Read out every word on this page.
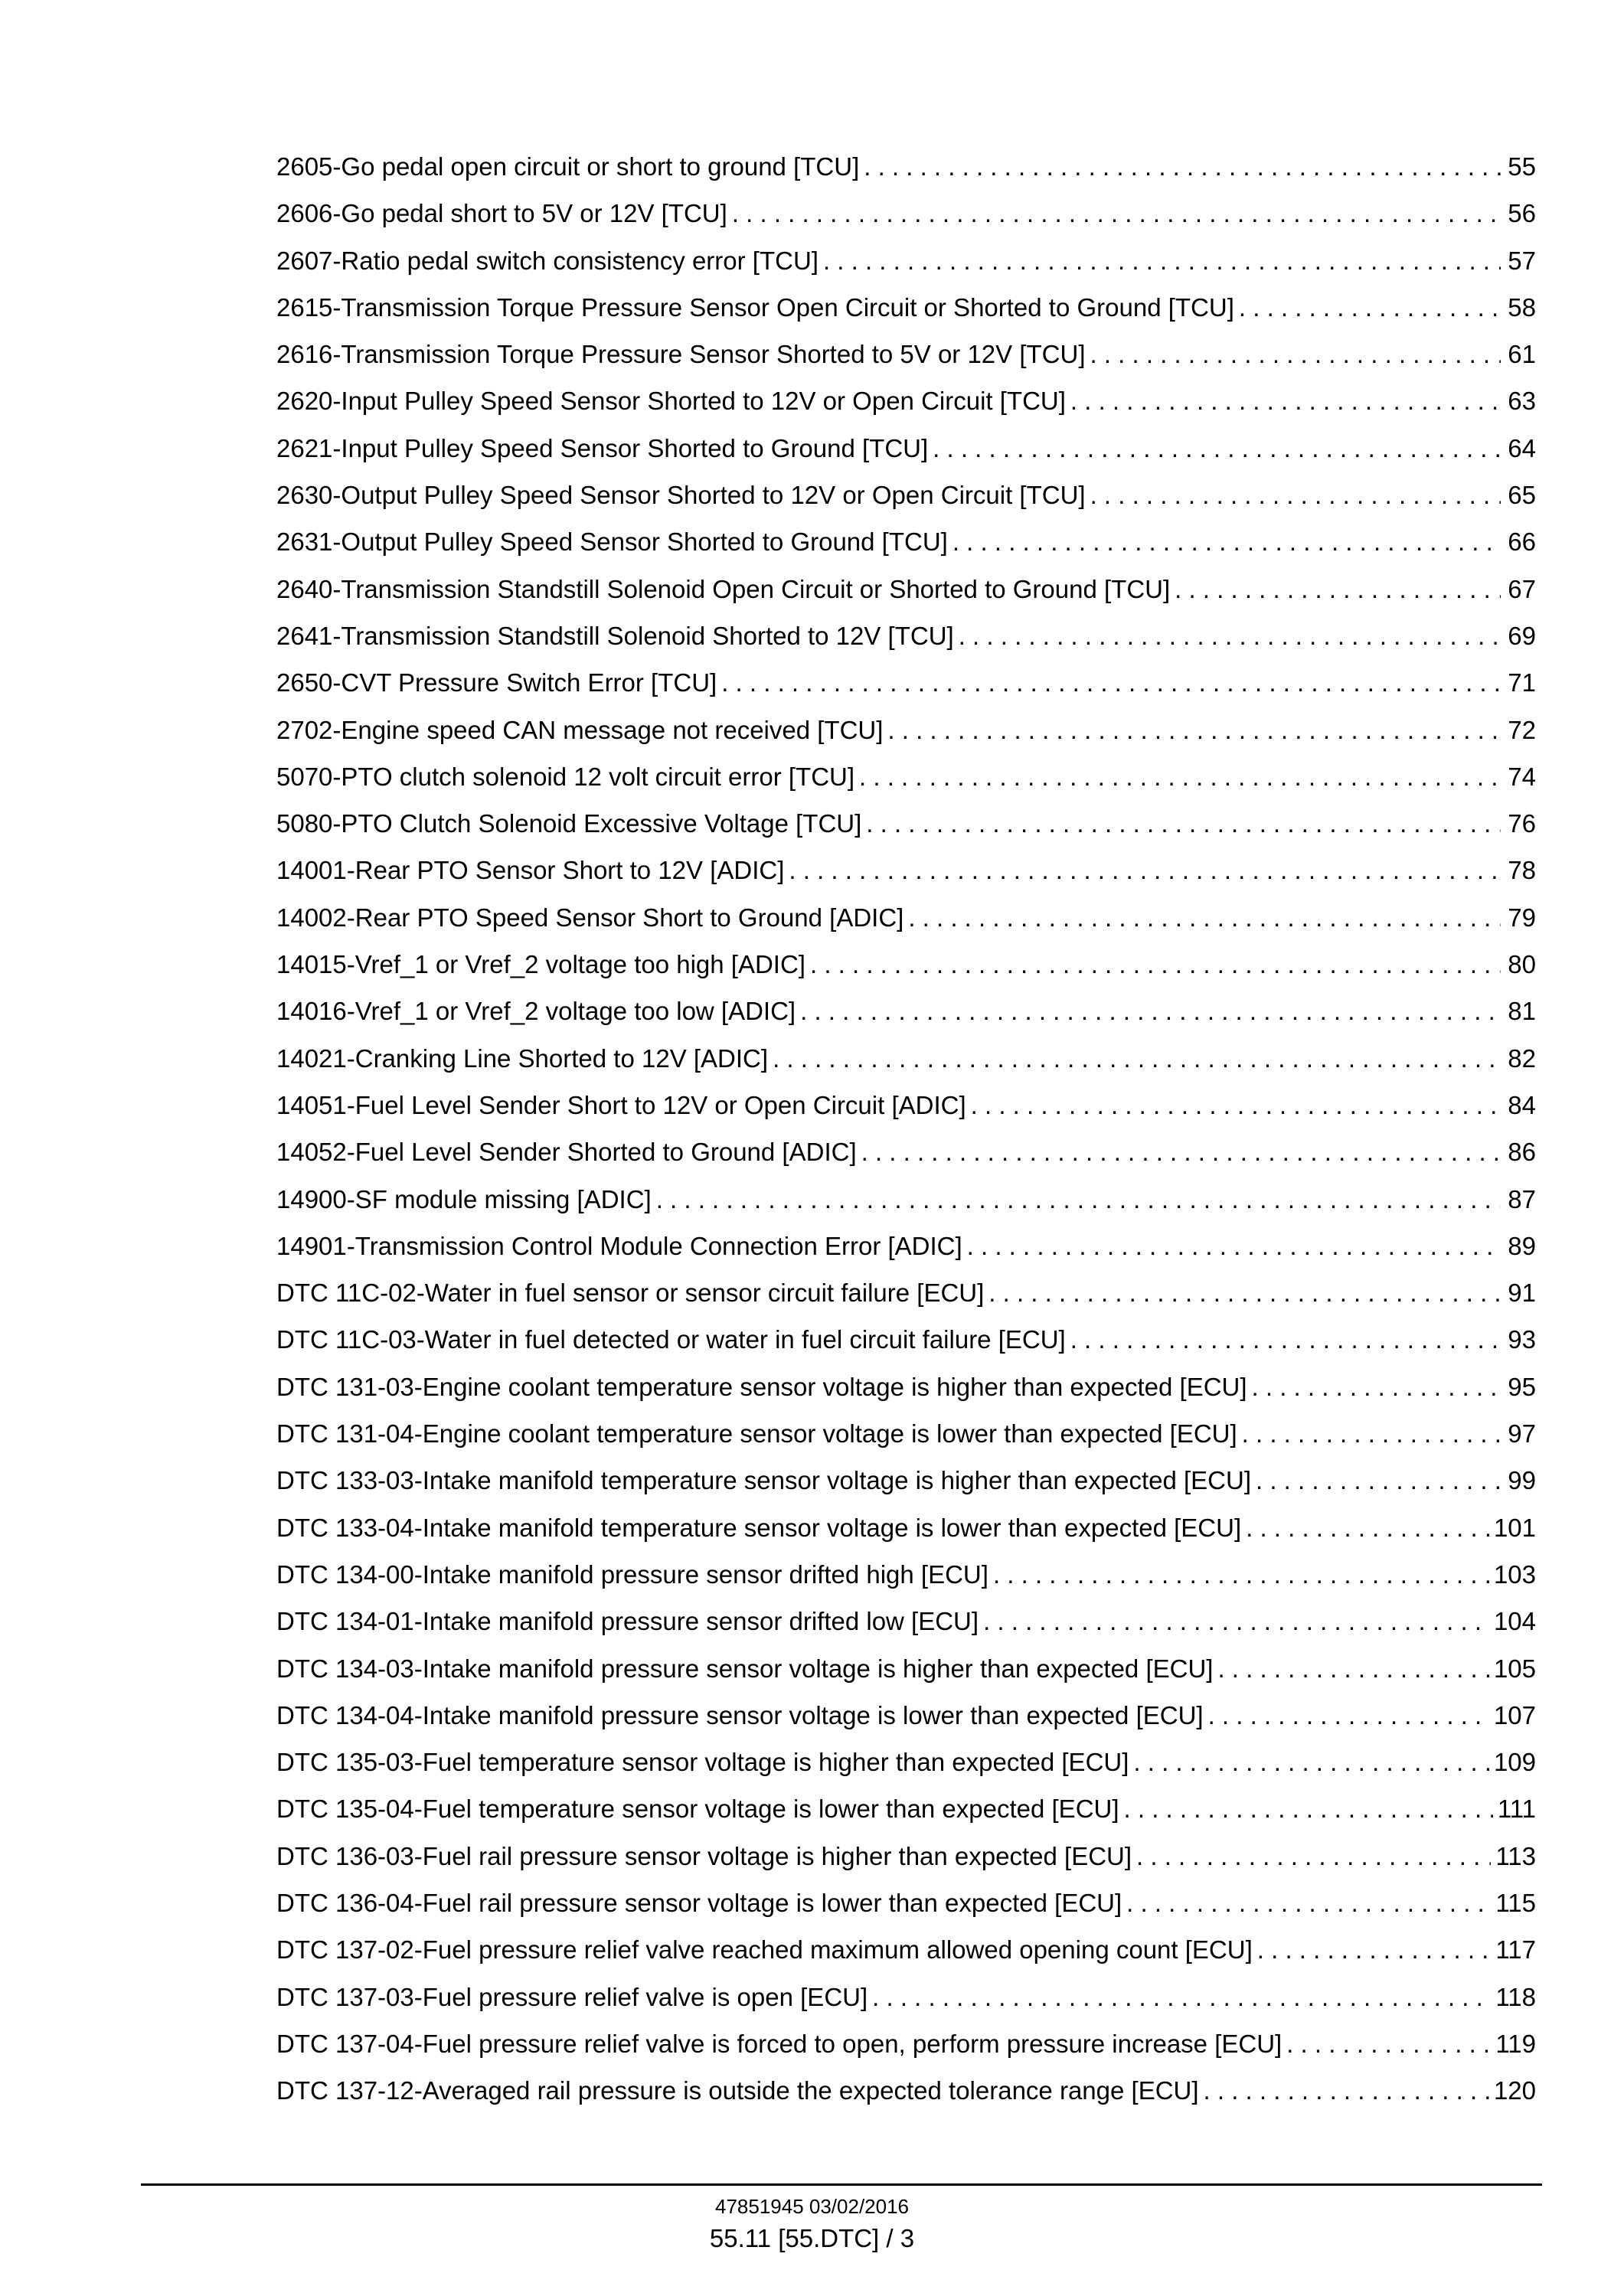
2605-Go pedal open circuit or short to ground [TCU] . . .	55
2606-Go pedal short to 5V or 12V [TCU] . . .	56
2607-Ratio pedal switch consistency error [TCU] . . .	57
2615-Transmission Torque Pressure Sensor Open Circuit or Shorted to Ground [TCU] . . .	58
2616-Transmission Torque Pressure Sensor Shorted to 5V or 12V [TCU] . . .	61
2620-Input Pulley Speed Sensor Shorted to 12V or Open Circuit [TCU] . . .	63
2621-Input Pulley Speed Sensor Shorted to Ground [TCU] . . .	64
2630-Output Pulley Speed Sensor Shorted to 12V or Open Circuit [TCU] . . .	65
2631-Output Pulley Speed Sensor Shorted to Ground [TCU] . . .	66
2640-Transmission Standstill Solenoid Open Circuit or Shorted to Ground [TCU] . . .	67
2641-Transmission Standstill Solenoid Shorted to 12V [TCU] . . .	69
2650-CVT Pressure Switch Error [TCU] . . .	71
2702-Engine speed CAN message not received [TCU] . . .	72
5070-PTO clutch solenoid 12 volt circuit error [TCU] . . .	74
5080-PTO Clutch Solenoid Excessive Voltage [TCU] . . .	76
14001-Rear PTO Sensor Short to 12V [ADIC] . . .	78
14002-Rear PTO Speed Sensor Short to Ground [ADIC] . . .	79
14015-Vref_1 or Vref_2 voltage too high [ADIC] . . .	80
14016-Vref_1 or Vref_2 voltage too low [ADIC] . . .	81
14021-Cranking Line Shorted to 12V [ADIC] . . .	82
14051-Fuel Level Sender Short to 12V or Open Circuit [ADIC] . . .	84
14052-Fuel Level Sender Shorted to Ground [ADIC] . . .	86
14900-SF module missing [ADIC] . . .	87
14901-Transmission Control Module Connection Error [ADIC] . . .	89
DTC 11C-02-Water in fuel sensor or sensor circuit failure [ECU] . . .	91
DTC 11C-03-Water in fuel detected or water in fuel circuit failure [ECU] . . .	93
DTC 131-03-Engine coolant temperature sensor voltage is higher than expected [ECU] . . .	95
DTC 131-04-Engine coolant temperature sensor voltage is lower than expected [ECU] . . .	97
DTC 133-03-Intake manifold temperature sensor voltage is higher than expected [ECU] . . .	99
DTC 133-04-Intake manifold temperature sensor voltage is lower than expected [ECU] . . .	101
DTC 134-00-Intake manifold pressure sensor drifted high [ECU] . . .	103
DTC 134-01-Intake manifold pressure sensor drifted low [ECU] . . .	104
DTC 134-03-Intake manifold pressure sensor voltage is higher than expected [ECU] . . .	105
DTC 134-04-Intake manifold pressure sensor voltage is lower than expected [ECU] . . .	107
DTC 135-03-Fuel temperature sensor voltage is higher than expected [ECU] . . .	109
DTC 135-04-Fuel temperature sensor voltage is lower than expected [ECU] . . .	111
DTC 136-03-Fuel rail pressure sensor voltage is higher than expected [ECU] . . .	113
DTC 136-04-Fuel rail pressure sensor voltage is lower than expected [ECU] . . .	115
DTC 137-02-Fuel pressure relief valve reached maximum allowed opening count [ECU] . . .	117
DTC 137-03-Fuel pressure relief valve is open [ECU] . . .	118
DTC 137-04-Fuel pressure relief valve is forced to open, perform pressure increase [ECU] . . .	119
DTC 137-12-Averaged rail pressure is outside the expected tolerance range [ECU] . . .	120
47851945 03/02/2016
55.11 [55.DTC] / 3
